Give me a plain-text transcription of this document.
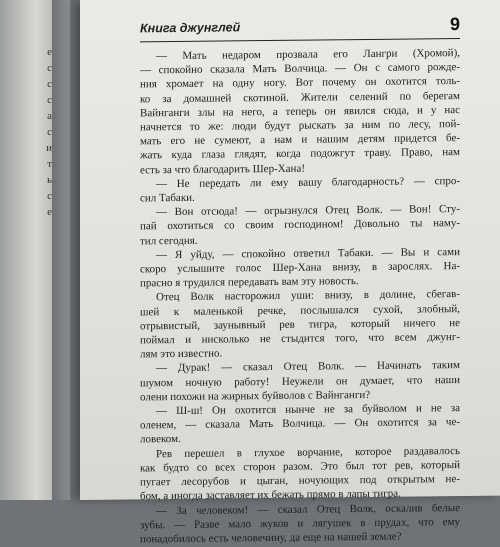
е
с
с
с
а
с
и
т
ь
с
е
Книга джунглей	9
— Мать недаром прозвала его Лангри (Хромой),
— спокойно сказала Мать Волчица. — Он с самого рожде-
ния хромает на одну ногу. Вот почему он охотится толь-
ко за домашней скотиной. Жители селений по берегам
Вайнганги злы на него, а теперь он явился сюда, и у нас
начнется то же: люди будут рыскать за ним по лесу, пой-
мать его не сумеют, а нам и нашим детям придется бе-
жать куда глаза глядят, когда подожгут траву. Право, нам
есть за что благодарить Шер-Хана!
— Не передать ли ему вашу благодарность? — спро-
сил Табаки.
— Вон отсюда! — огрызнулся Отец Волк. — Вон! Сту-
пай охотиться со своим господином! Довольно ты наму-
тил сегодня.
— Я уйду, — спокойно ответил Табаки. — Вы и сами
скоро услышите голос Шер-Хана внизу, в зарослях. На-
прасно я трудился передавать вам эту новость.
Отец Волк насторожил уши: внизу, в долине, сбегав-
шей к маленькой речке, послышался сухой, злобный,
отрывистый, заунывный рев тигра, который ничего не
поймал и нисколько не стыдится того, что всем джунг-
лям это известно.
— Дурак! — сказал Отец Волк. — Начинать таким
шумом ночную работу! Неужели он думает, что наши
олени похожи на жирных буйволов с Вайнганги?
— Ш-ш! Он охотится нынче не за буйволом и не за
оленем, — сказала Мать Волчица. — Он охотится за че-
ловеком.
Рев перешел в глухое ворчание, которое раздавалось
как будто со всех сторон разом. Это был тот рев, который
пугает лесорубов и цыган, ночующих под открытым не-
бом, а иногда заставляет их бежать прямо в лапы тигра.
— За человеком! — сказал Отец Волк, оскалив белые
зубы. — Разве мало жуков и лягушек в прудах, что ему
понадобилось есть человечину, да еще на нашей земле?
